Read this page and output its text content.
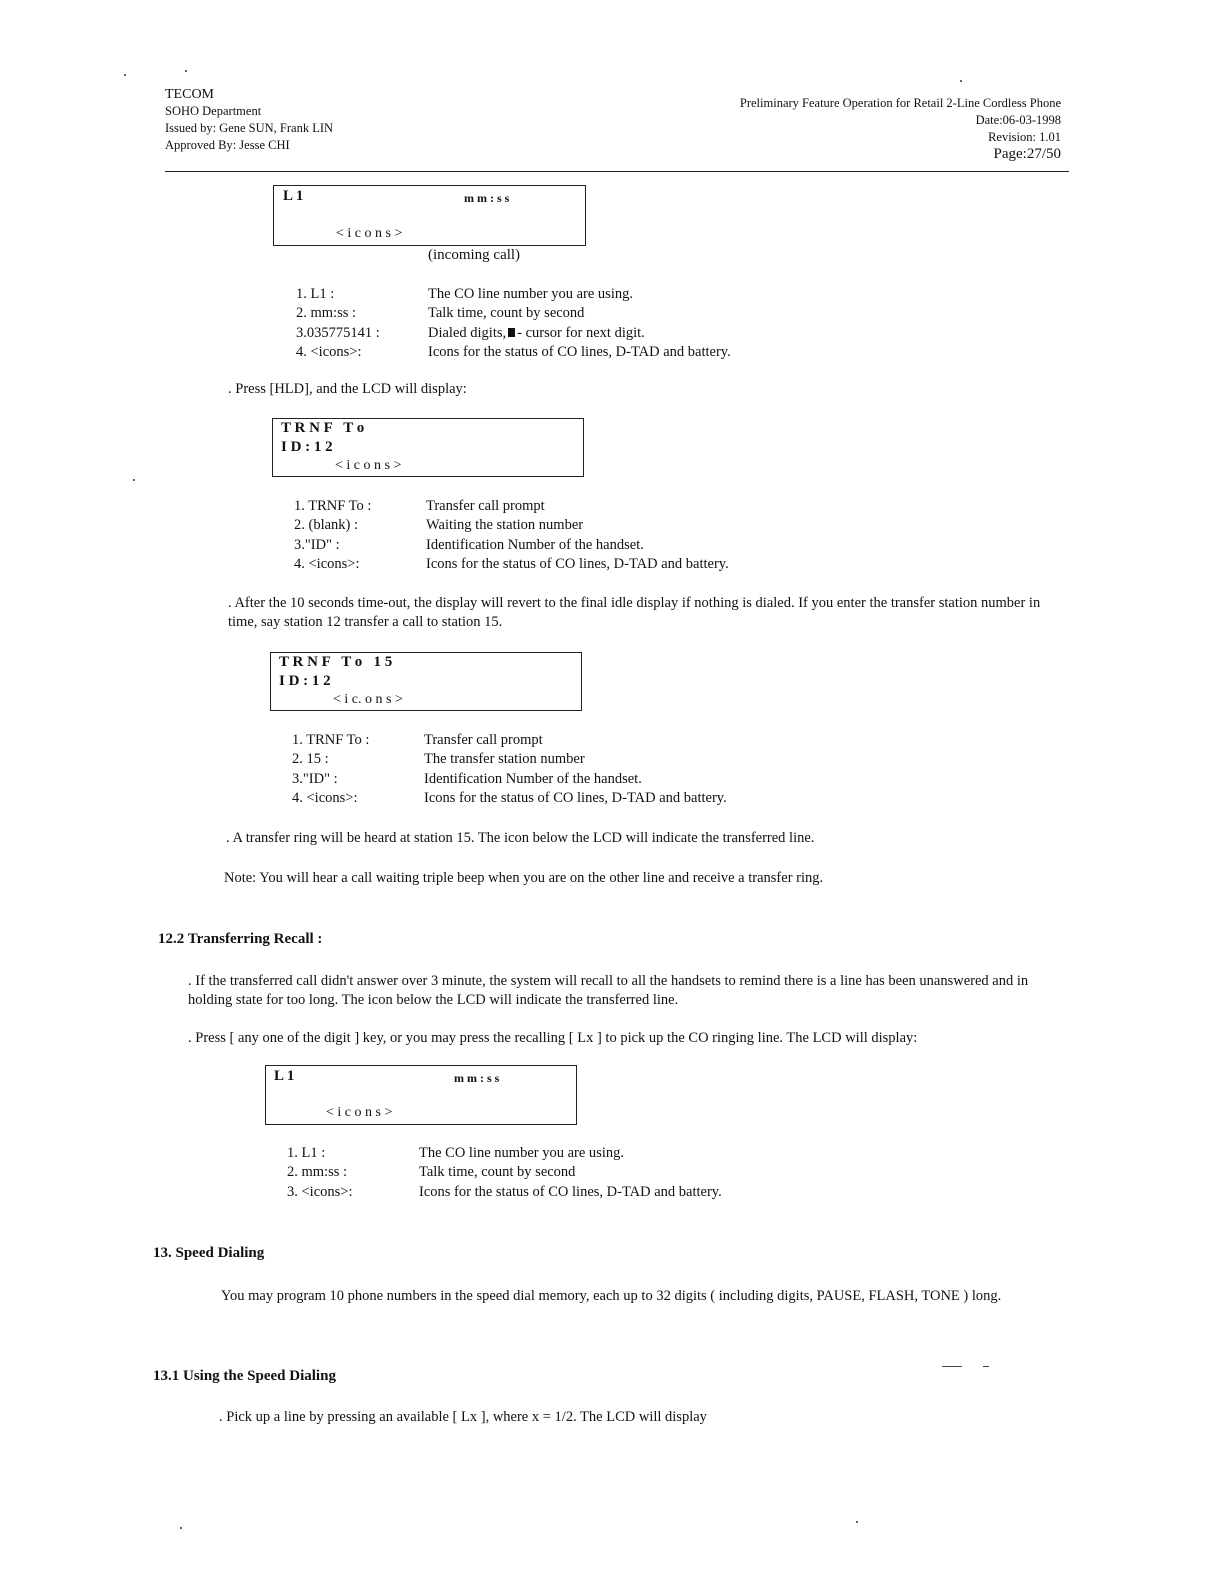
TECOM
SOHO Department
Issued by: Gene SUN, Frank LIN
Approved By: Jesse CHI
Preliminary Feature Operation for Retail 2-Line Cordless Phone
Date:06-03-1998
Revision: 1.01
Page:27/50
L 1	m m : s s
< i c o n s >
(incoming call)
1. L1 :	The CO line number you are using.
2. mm:ss :	Talk time, count by second
3.035775141 :	Dialed digits, - cursor for next digit.
4. <icons>:	Icons for the status of CO lines, D-TAD and battery.
. Press [HLD], and the LCD will display:
T R N F   T o
I D : 1 2
< i c o n s >
1. TRNF To :	Transfer call prompt
2. (blank) :	Waiting the station number
3."ID" :	Identification Number of the handset.
4. <icons>:	Icons for the status of CO lines, D-TAD and battery.
. After the 10 seconds time-out, the display will revert to the final idle display if nothing is dialed. If you enter the transfer station number in time, say station 12 transfer a call to station 15.
T R N F   T o   1 5
I D : 1 2
< i c. o n s >
1. TRNF To :	Transfer call prompt
2. 15 :	The transfer station number
3."ID" :	Identification Number of the handset.
4. <icons>:	Icons for the status of CO lines, D-TAD and battery.
. A transfer ring will be heard at station 15. The icon below the LCD will indicate the transferred line.
Note: You will hear a call waiting triple beep when you are on the other line and receive a transfer ring.
12.2 Transferring Recall :
. If the transferred call didn't answer over 3 minute, the system will recall to all the handsets to remind there is a line has been unanswered and in holding state for too long. The icon below the LCD will indicate the transferred line.
. Press [ any one of the digit ] key, or you may press the recalling [ Lx ] to pick up the CO ringing line. The LCD will display:
L 1	m m : s s
< i c o n s >
1. L1 :	The CO line number you are using.
2. mm:ss :	Talk time, count by second
3. <icons>:	Icons for the status of CO lines, D-TAD and battery.
13. Speed Dialing
You may program 10 phone numbers in the speed dial memory, each up to 32 digits ( including digits, PAUSE, FLASH, TONE ) long.
13.1 Using the Speed Dialing
. Pick up a line by pressing an available [ Lx ], where x = 1/2. The LCD will display
